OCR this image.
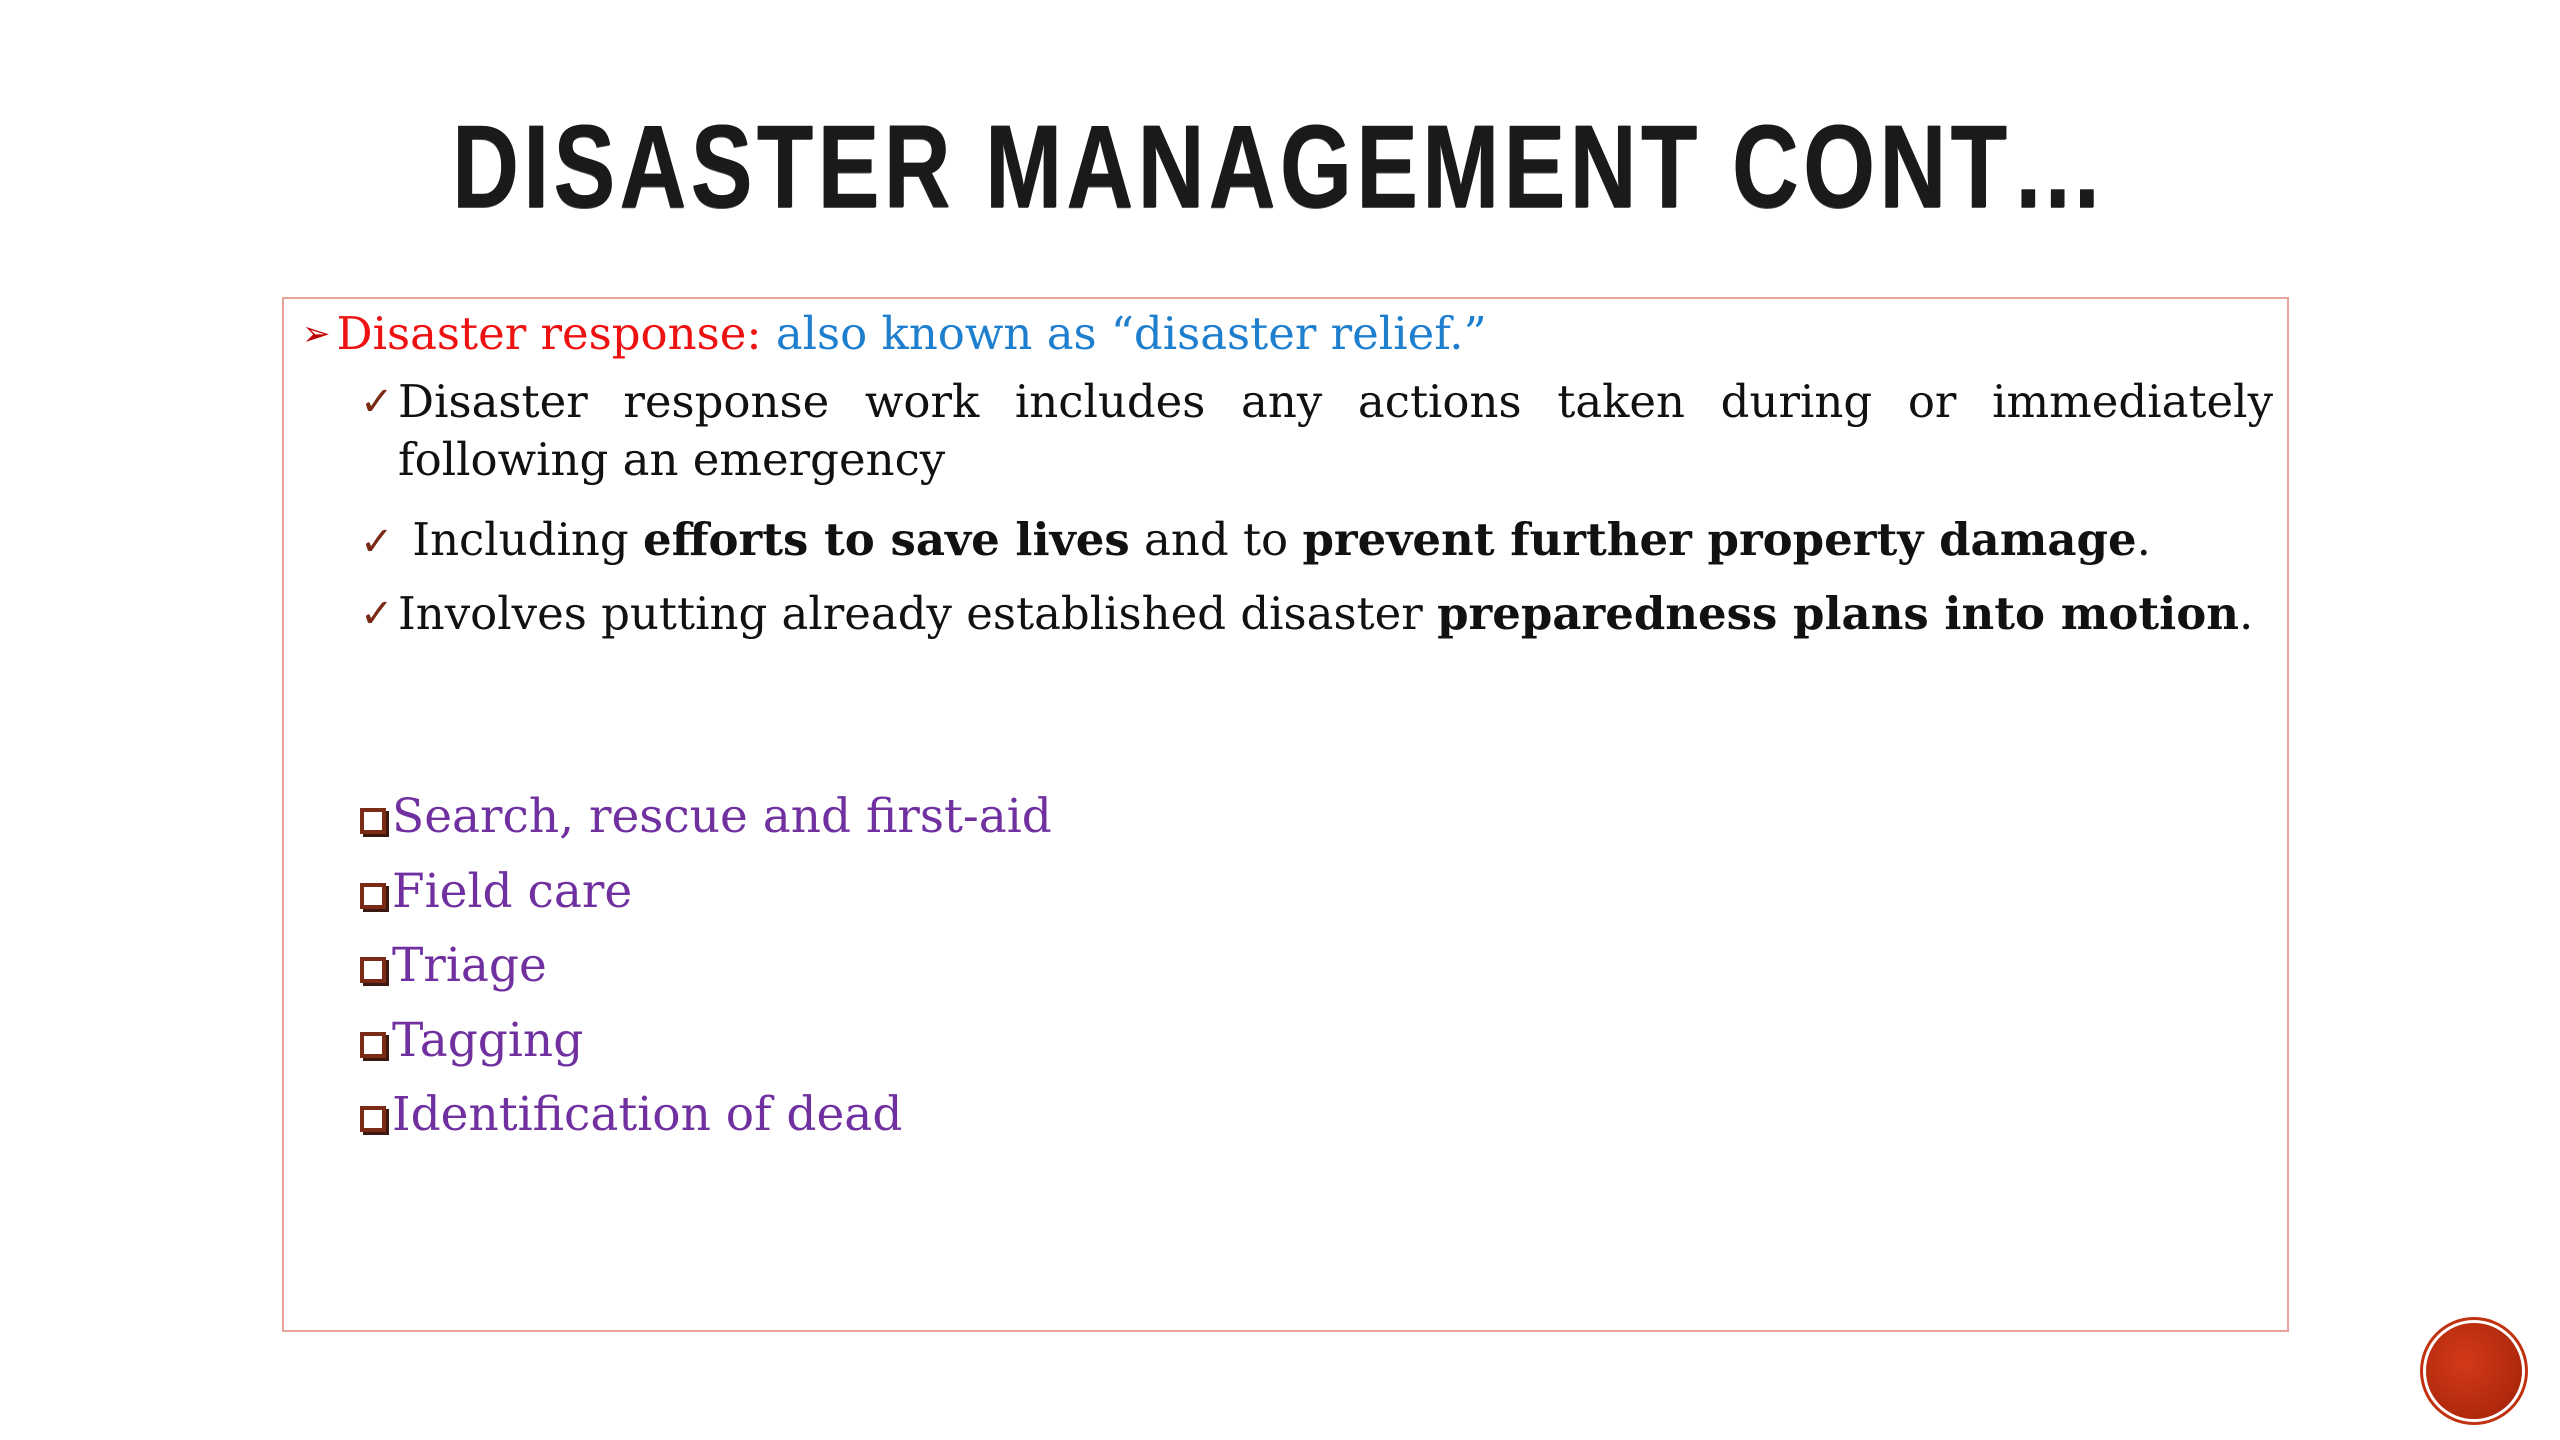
DISASTER MANAGEMENT CONT…
➢ Disaster response: also known as “disaster relief.”
✓ Disaster response work includes any actions taken during or immediately following an emergency
✓ Including efforts to save lives and to prevent further property damage.
✓ Involves putting already established disaster preparedness plans into motion.
Search, rescue and first-aid
Field care
Triage
Tagging
Identification of dead
